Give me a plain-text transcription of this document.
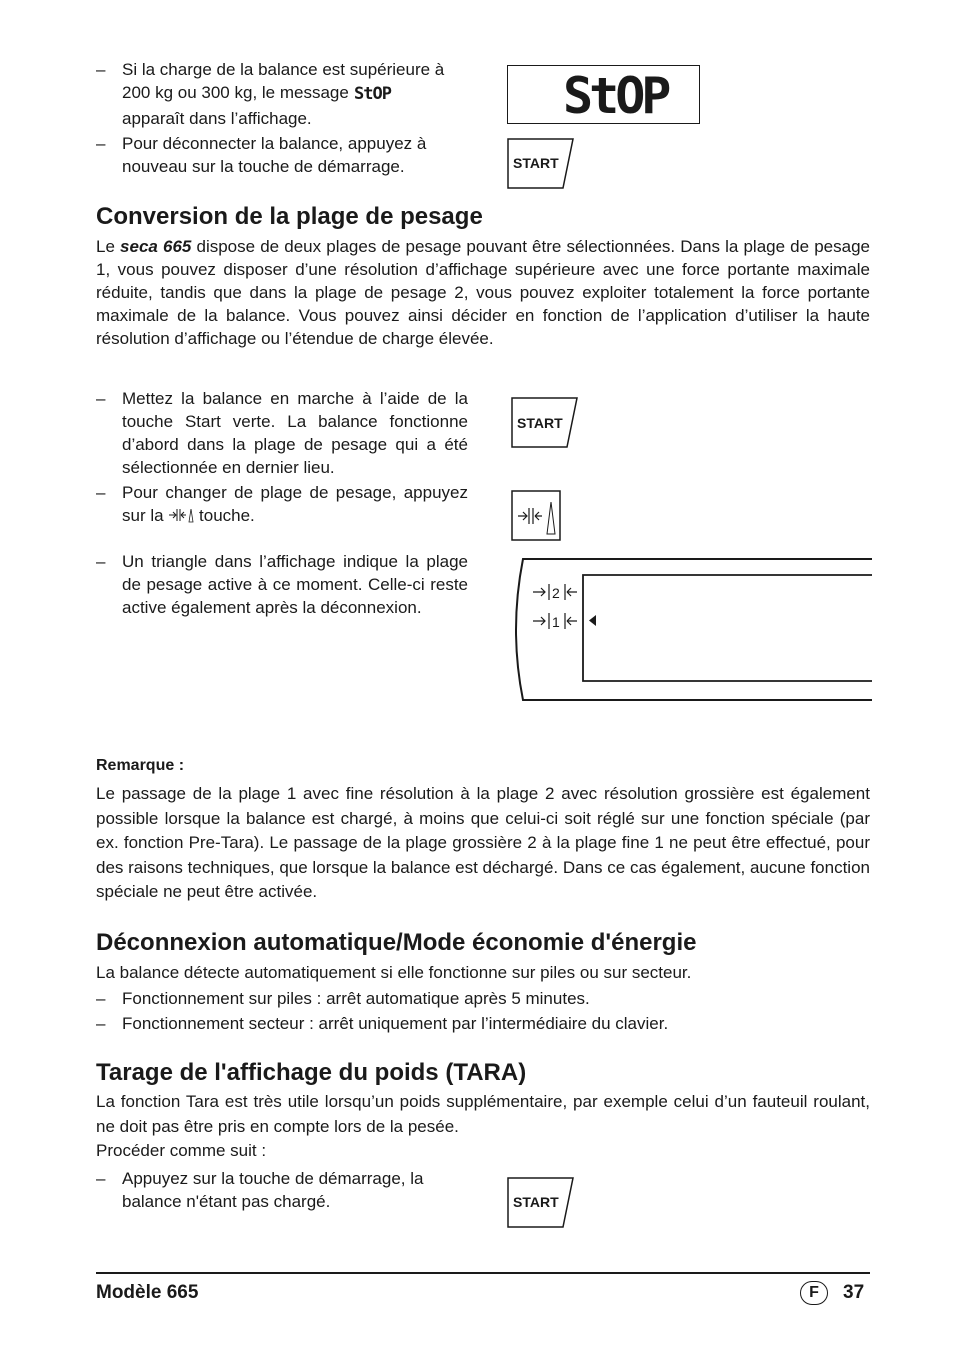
– Si la charge de la balance est supérieure à 200 kg ou 300 kg, le message StOP
apparaît dans l’affichage.
– Pour déconnecter la balance, appuyez à nouveau sur la touche de démarrage.
StOP
START
Conversion de la plage de pesage
Le seca 665 dispose de deux plages de pesage pouvant être sélectionnées. Dans la plage de pesage 1, vous pouvez disposer d’une résolution d’affichage supérieure avec une force portante maximale réduite, tandis que dans la plage de pesage 2, vous pouvez exploiter totalement la force portante maximale de la balance. Vous pouvez ainsi décider en fonction de l’application d’utiliser la haute résolution d’affichage ou l’étendue de charge élevée.
– Mettez la balance en marche à l’aide de la touche Start verte. La balance fonctionne d’abord dans la plage de pesage qui a été sélectionnée en dernier lieu.
– Pour changer de plage de pesage, appuyez sur la  touche.
– Un triangle dans l’affichage indique la plage de pesage active à ce moment. Celle-ci reste active également après la déconnexion.
START
2
1
Remarque :
Le passage de la plage 1 avec fine résolution à la plage 2 avec résolution grossière est également possible lorsque la balance est chargé, à moins que celui-ci soit réglé sur une fonction spéciale (par ex. fonction Pre-Tara). Le passage de la plage grossière 2 à la plage fine 1 ne peut être effectué, pour des raisons techniques, que lorsque la balance est déchargé. Dans ce cas également, aucune fonction spéciale ne peut être activée.
Déconnexion automatique/Mode économie d'énergie
La balance détecte automatiquement si elle fonctionne sur piles ou sur secteur.
– Fonctionnement sur piles : arrêt automatique après 5 minutes.
– Fonctionnement secteur : arrêt uniquement par l’intermédiaire du clavier.
Tarage de l'affichage du poids (TARA)
La fonction Tara est très utile lorsqu’un poids supplémentaire, par exemple celui d’un fauteuil roulant, ne doit pas être pris en compte lors de la pesée.
Procéder comme suit :
– Appuyez sur la touche de démarrage, la balance n'étant pas chargé.	START
Modèle 665	F	37
